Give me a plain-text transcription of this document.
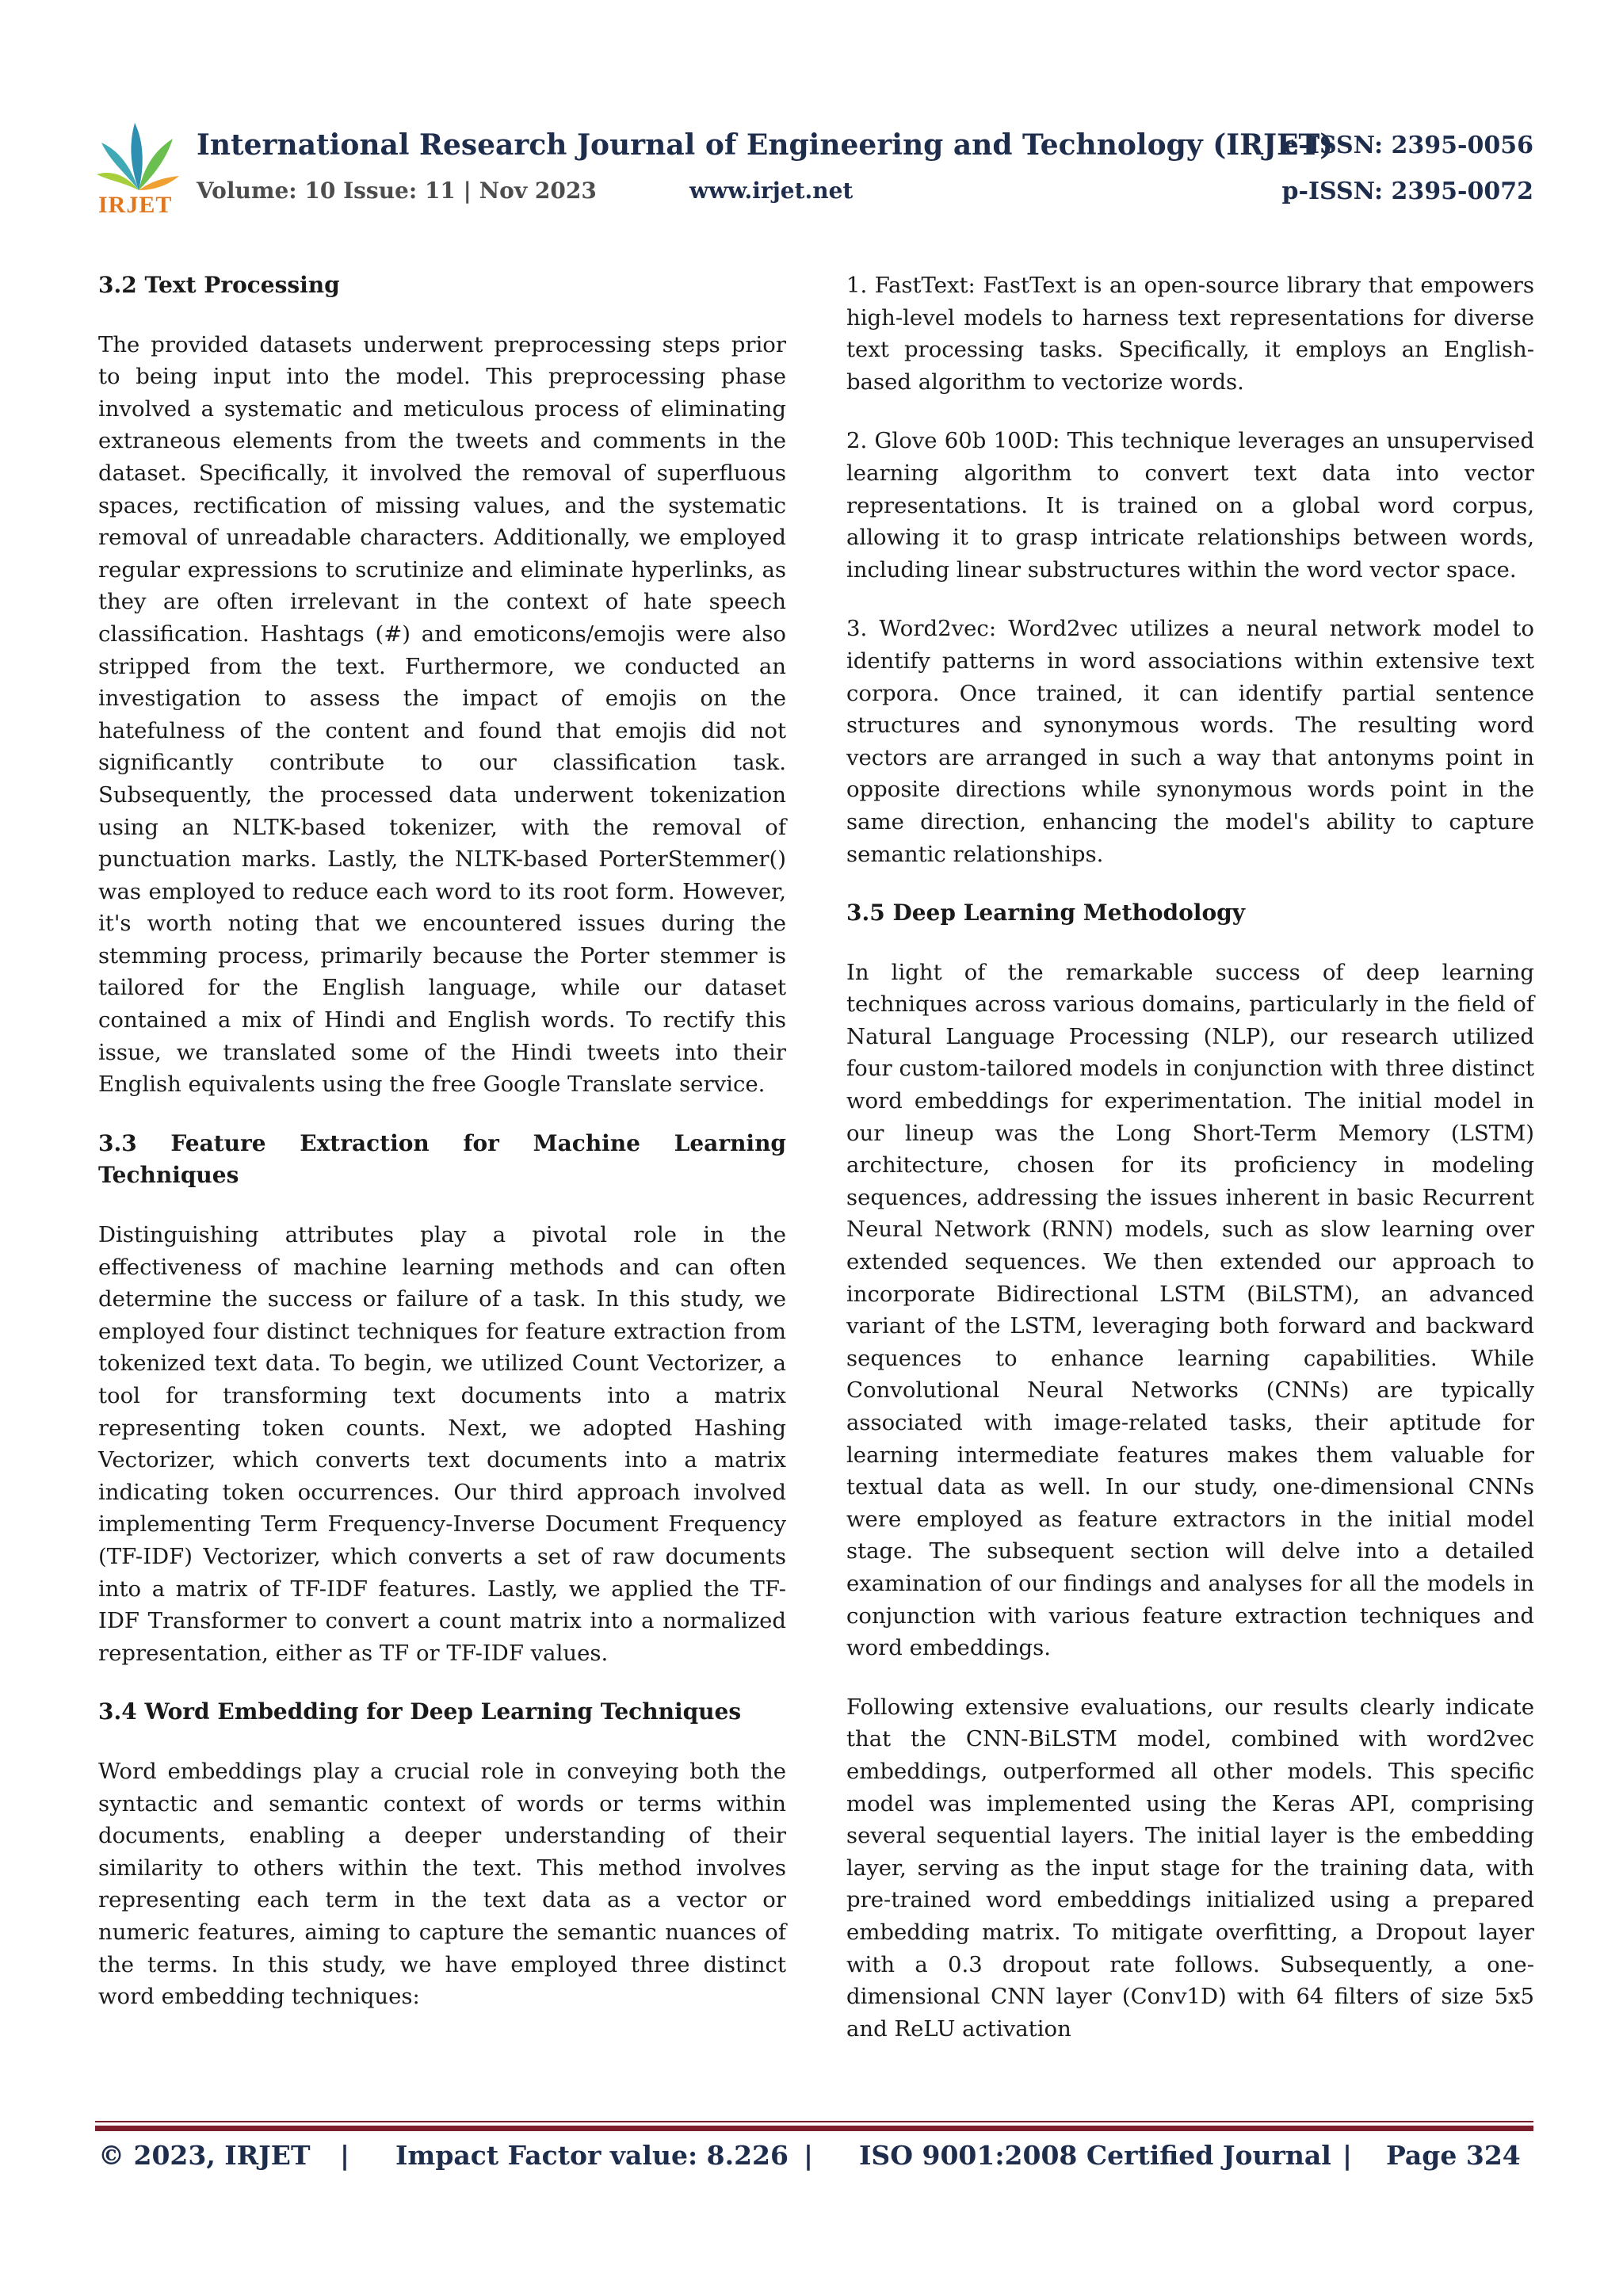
IRJET
International Research Journal of Engineering and Technology (IRJET)
Volume: 10 Issue: 11 | Nov 2023	www.irjet.net
e-ISSN: 2395-0056
p-ISSN: 2395-0072
3.2 Text Processing

The provided datasets underwent preprocessing steps prior to being input into the model. This preprocessing phase involved a systematic and meticulous process of eliminating extraneous elements from the tweets and comments in the dataset. Specifically, it involved the removal of superfluous spaces, rectification of missing values, and the systematic removal of unreadable characters. Additionally, we employed regular expressions to scrutinize and eliminate hyperlinks, as they are often irrelevant in the context of hate speech classification. Hashtags (#) and emoticons/emojis were also stripped from the text. Furthermore, we conducted an investigation to assess the impact of emojis on the hatefulness of the content and found that emojis did not significantly contribute to our classification task. Subsequently, the processed data underwent tokenization using an NLTK-based tokenizer, with the removal of punctuation marks. Lastly, the NLTK-based PorterStemmer() was employed to reduce each word to its root form. However, it's worth noting that we encountered issues during the stemming process, primarily because the Porter stemmer is tailored for the English language, while our dataset contained a mix of Hindi and English words. To rectify this issue, we translated some of the Hindi tweets into their English equivalents using the free Google Translate service.

3.3 Feature Extraction for Machine Learning Techniques

Distinguishing attributes play a pivotal role in the effectiveness of machine learning methods and can often determine the success or failure of a task. In this study, we employed four distinct techniques for feature extraction from tokenized text data. To begin, we utilized Count Vectorizer, a tool for transforming text documents into a matrix representing token counts. Next, we adopted Hashing Vectorizer, which converts text documents into a matrix indicating token occurrences. Our third approach involved implementing Term Frequency-Inverse Document Frequency (TF-IDF) Vectorizer, which converts a set of raw documents into a matrix of TF-IDF features. Lastly, we applied the TF-IDF Transformer to convert a count matrix into a normalized representation, either as TF or TF-IDF values.

3.4 Word Embedding for Deep Learning Techniques

Word embeddings play a crucial role in conveying both the syntactic and semantic context of words or terms within documents, enabling a deeper understanding of their similarity to others within the text. This method involves representing each term in the text data as a vector or numeric features, aiming to capture the semantic nuances of the terms. In this study, we have employed three distinct word embedding techniques:

1. FastText: FastText is an open-source library that empowers high-level models to harness text representations for diverse text processing tasks. Specifically, it employs an English-based algorithm to vectorize words.

2. Glove 60b 100D: This technique leverages an unsupervised learning algorithm to convert text data into vector representations. It is trained on a global word corpus, allowing it to grasp intricate relationships between words, including linear substructures within the word vector space.

3. Word2vec: Word2vec utilizes a neural network model to identify patterns in word associations within extensive text corpora. Once trained, it can identify partial sentence structures and synonymous words. The resulting word vectors are arranged in such a way that antonyms point in opposite directions while synonymous words point in the same direction, enhancing the model's ability to capture semantic relationships.

3.5 Deep Learning Methodology

In light of the remarkable success of deep learning techniques across various domains, particularly in the field of Natural Language Processing (NLP), our research utilized four custom-tailored models in conjunction with three distinct word embeddings for experimentation. The initial model in our lineup was the Long Short-Term Memory (LSTM) architecture, chosen for its proficiency in modeling sequences, addressing the issues inherent in basic Recurrent Neural Network (RNN) models, such as slow learning over extended sequences. We then extended our approach to incorporate Bidirectional LSTM (BiLSTM), an advanced variant of the LSTM, leveraging both forward and backward sequences to enhance learning capabilities. While Convolutional Neural Networks (CNNs) are typically associated with image-related tasks, their aptitude for learning intermediate features makes them valuable for textual data as well. In our study, one-dimensional CNNs were employed as feature extractors in the initial model stage. The subsequent section will delve into a detailed examination of our findings and analyses for all the models in conjunction with various feature extraction techniques and word embeddings.

Following extensive evaluations, our results clearly indicate that the CNN-BiLSTM model, combined with word2vec embeddings, outperformed all other models. This specific model was implemented using the Keras API, comprising several sequential layers. The initial layer is the embedding layer, serving as the input stage for the training data, with pre-trained word embeddings initialized using a prepared embedding matrix. To mitigate overfitting, a Dropout layer with a 0.3 dropout rate follows. Subsequently, a one-dimensional CNN layer (Conv1D) with 64 filters of size 5x5 and ReLU activation

© 2023, IRJET | Impact Factor value: 8.226 | ISO 9001:2008 Certified Journal | Page 324
